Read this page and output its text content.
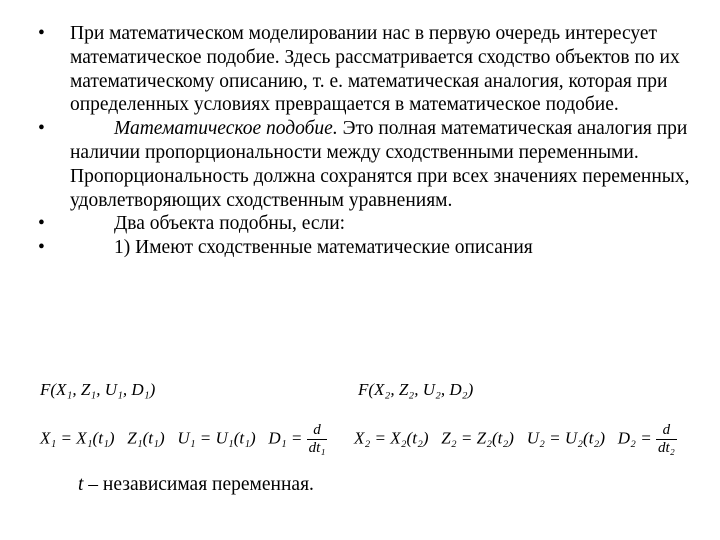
•	При математическом моделировании нас в первую очередь интересует математическое подобие. Здесь рассматривается сходство объектов по их математическому описанию, т. е. математическая аналогия, которая при определенных условиях превращается в математическое подобие.
•	Математическое подобие. Это полная математическая аналогия при наличии пропорциональности между сходственными переменными. Пропорциональность должна сохранятся при всех значениях переменных, удовлетворяющих сходственным уравнениям.
•	Два объекта подобны, если:
•	1) Имеют сходственные математические описания
F(X₁, Z₁, U₁, D₁)	F(X₂, Z₂, U₂, D₂)
X₁ = X₁(t₁) Z₁(t₁) U₁ = U₁(t₁) $D_1 = \frac{d}{\text{dt₁}} X_2 = X_2(t_2) Z_2 = Z_2(t_2) U_2 = U_2(t_2) D_2 = \frac{d}{\text{dt₂}}$
t – независимая переменная.
